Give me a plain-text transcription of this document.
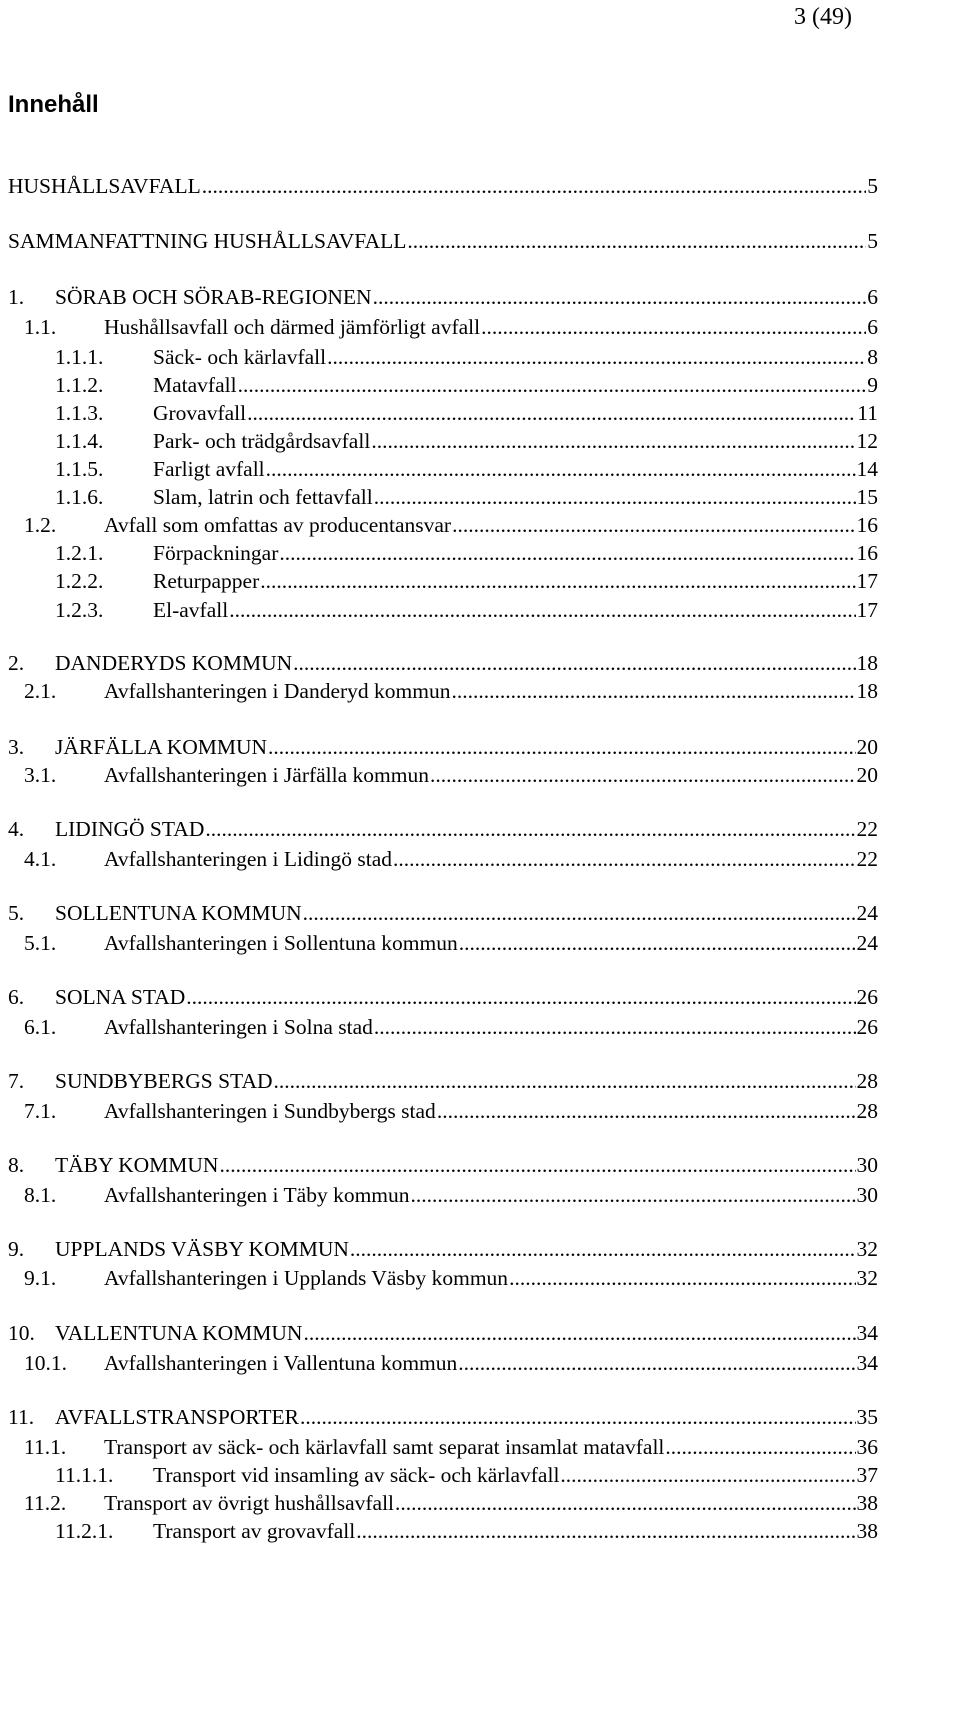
3 (49)
Innehåll
HUSHÅLLSAVFALL .....	5
SAMMANFATTNING HUSHÅLLSAVFALL .....	5
1.	SÖRAB OCH SÖRAB-REGIONEN .....	6
1.1.	Hushållsavfall och därmed jämförligt avfall .....	6
1.1.1.	Säck- och kärlavfall .....	8
1.1.2.	Matavfall .....	9
1.1.3.	Grovavfall .....	11
1.1.4.	Park- och trädgårdsavfall .....	12
1.1.5.	Farligt avfall .....	14
1.1.6.	Slam, latrin och fettavfall .....	15
1.2.	Avfall som omfattas av producentansvar .....	16
1.2.1.	Förpackningar .....	16
1.2.2.	Returpapper .....	17
1.2.3.	El-avfall .....	17
2.	DANDERYDS KOMMUN .....	18
2.1.	Avfallshanteringen i Danderyd kommun .....	18
3.	JÄRFÄLLA KOMMUN .....	20
3.1.	Avfallshanteringen i Järfälla kommun .....	20
4.	LIDINGÖ STAD .....	22
4.1.	Avfallshanteringen i Lidingö stad .....	22
5.	SOLLENTUNA KOMMUN .....	24
5.1.	Avfallshanteringen i Sollentuna kommun .....	24
6.	SOLNA STAD .....	26
6.1.	Avfallshanteringen i Solna stad .....	26
7.	SUNDBYBERGS STAD .....	28
7.1.	Avfallshanteringen i Sundbybergs stad .....	28
8.	TÄBY KOMMUN .....	30
8.1.	Avfallshanteringen i Täby kommun .....	30
9.	UPPLANDS VÄSBY KOMMUN .....	32
9.1.	Avfallshanteringen i Upplands Väsby kommun .....	32
10. VALLENTUNA KOMMUN .....	34
10.1.	Avfallshanteringen i Vallentuna kommun .....	34
11. AVFALLSTRANSPORTER .....	35
11.1.	Transport av säck- och kärlavfall samt separat insamlat matavfall .....	36
11.1.1.	Transport vid insamling av säck- och kärlavfall .....	37
11.2.	Transport av övrigt hushållsavfall .....	38
11.2.1.	Transport av grovavfall .....	38
